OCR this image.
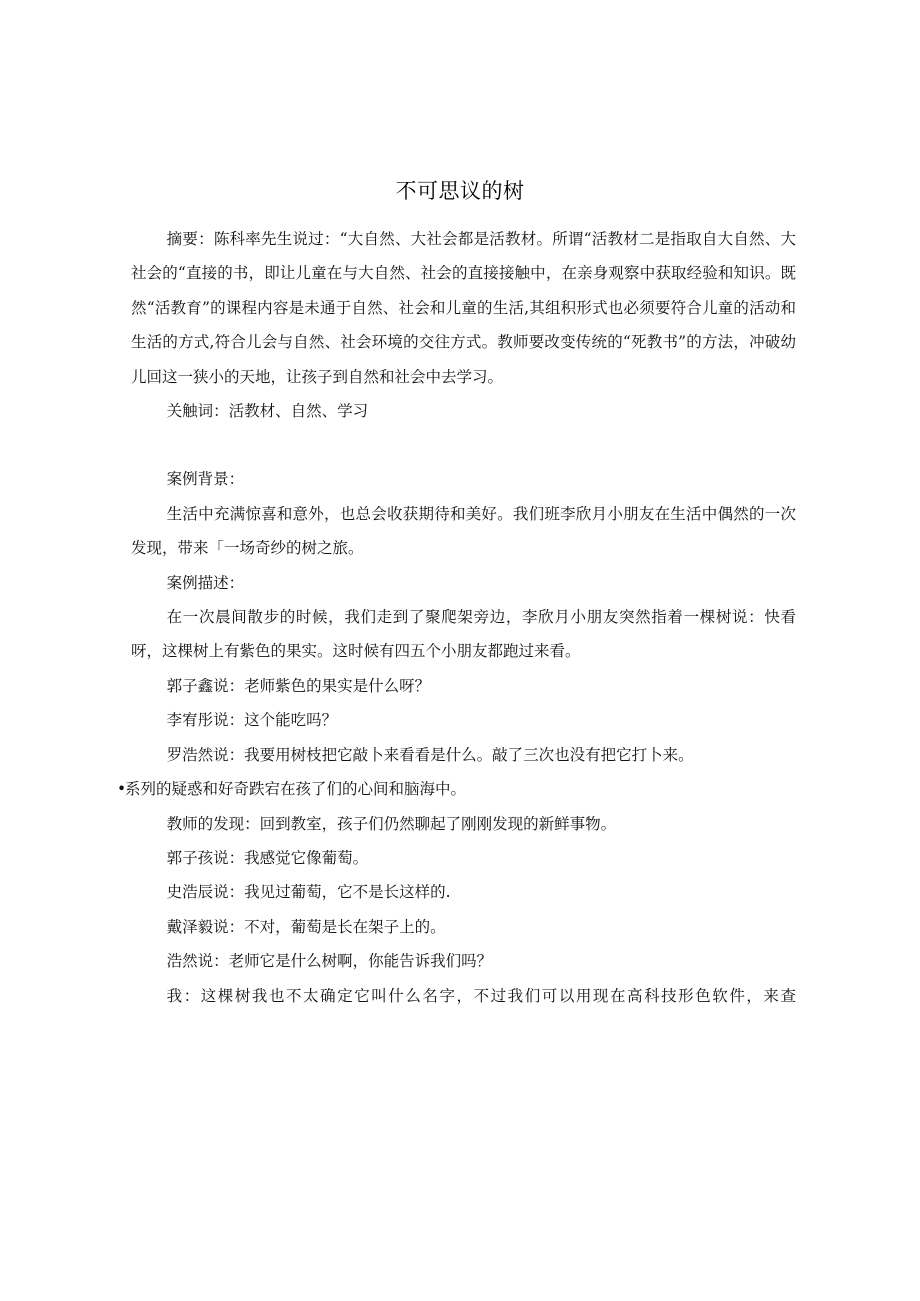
不可思议的树

摘要：陈科率先生说过：“大自然、大社会都是活教材。所谓“活教材二是指取自大自然、大社会的“直接的书，即让儿童在与大自然、社会的直接接触中，在亲身观察中获取经验和知识。既然“活教育”的课程内容是未通于自然、社会和儿童的生活,其组积形式也必须要符合儿童的活动和生活的方式,符合儿会与自然、社会环境的交往方式。教师要改变传统的“死教书”的方法，冲破幼儿回这一狭小的天地，让孩子到自然和社会中去学习。

关触词：活教材、自然、学习

案例背景：

生活中充满惊喜和意外，也总会收获期待和美好。我们班李欣月小朋友在生活中偶然的一次发现，带来「一场奇纱的树之旅。

案例描述：

在一次晨间散步的时候，我们走到了聚爬架旁边，李欣月小朋友突然指着一棵树说：快看呀，这棵树上有紫色的果实。这时候有四五个小朋友都跑过来看。

郭子鑫说：老师紫色的果实是什么呀？

李宥彤说：这个能吃吗？

罗浩然说：我要用树枝把它敲卜来看看是什么。敲了三次也没有把它打卜来。

•系列的疑惑和好奇跌宕在孩了们的心间和脑海中。

教师的发现：回到教室，孩子们仍然聊起了刚刚发现的新鲜事物。

郭子孩说：我感觉它像葡萄。

史浩辰说：我见过葡萄，它不是长这样的.

戴泽毅说：不对，葡萄是长在架子上的。

浩然说：老师它是什么树啊，你能告诉我们吗？

我：这棵树我也不太确定它叫什么名字，不过我们可以用现在高科技形色软件，来查
